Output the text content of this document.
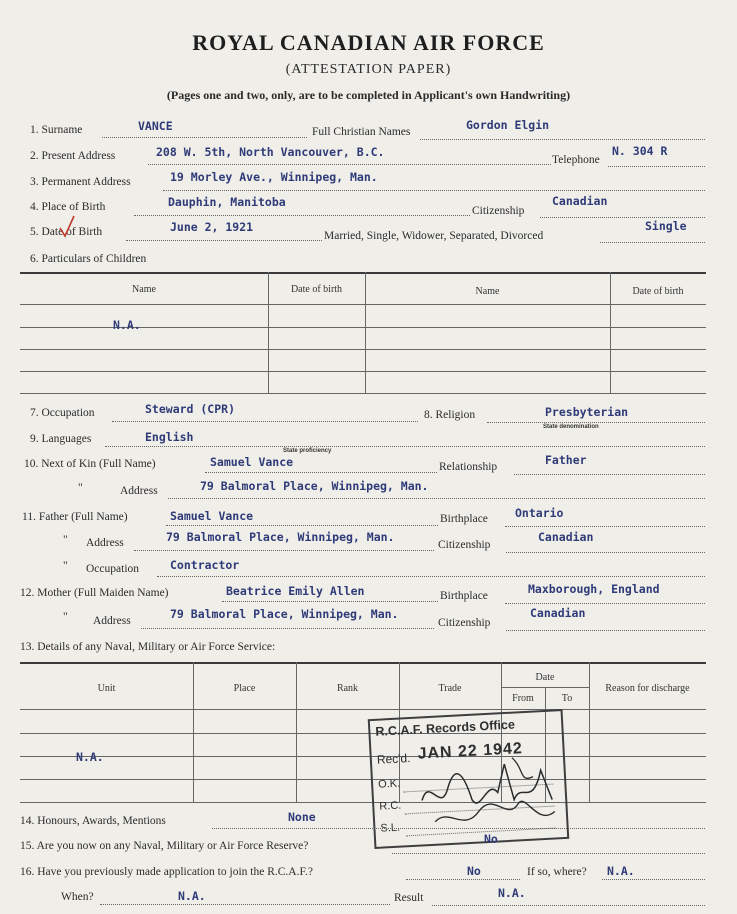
ROYAL CANADIAN AIR FORCE
(ATTESTATION PAPER)
(Pages one and two, only, are to be completed in Applicant's own Handwriting)
1. Surname	VANCE	Full Christian Names	Gordon Elgin
2. Present Address	208 W. 5th, North Vancouver, B.C.
Telephone
N. 304 R
3. Permanent Address	19 Morley Ave., Winnipeg, Man.
4. Place of Birth	Dauphin, Manitoba
Citizenship
Canadian
5. Date of Birth	June 2, 1921
Married, Single, Widower, Separated, Divorced
Single
6. Particulars of Children
Name	Date of birth	Name	Date of birth
N.A.
7. Occupation	Steward (CPR)	8. Religion	Presbyterian
State denomination
9. Languages	English
State proficiency
10. Next of Kin (Full Name)	Samuel Vance	Relationship	Father
"	Address	79 Balmoral Place, Winnipeg, Man.
11. Father (Full Name)	Samuel Vance	Birthplace Ontario
" Address	79 Balmoral Place, Winnipeg, Man.
Citizenship
Canadian
" Occupation	Contractor
12. Mother (Full Maiden Name)	Beatrice Emily Allen	Birthplace	Maxborough, England
" Address	79 Balmoral Place, Winnipeg, Man.
Citizenship
Canadian
13. Details of any Naval, Military or Air Force Service:
Unit	Place	Rank	Trade
Date
From	To
Reason for discharge
N.A.
R.C.A.F. Records Office
Rec'd. JAN 22 1942
O.K.
R.C.
S.L.
14. Honours, Awards, Mentions	None
15. Are you now on any Naval, Military or Air Force Reserve?	No
16. Have you previously made application to join the R.C.A.F.?	No	If so, where? N.A.
When?	N.A.	Result	N.A.
